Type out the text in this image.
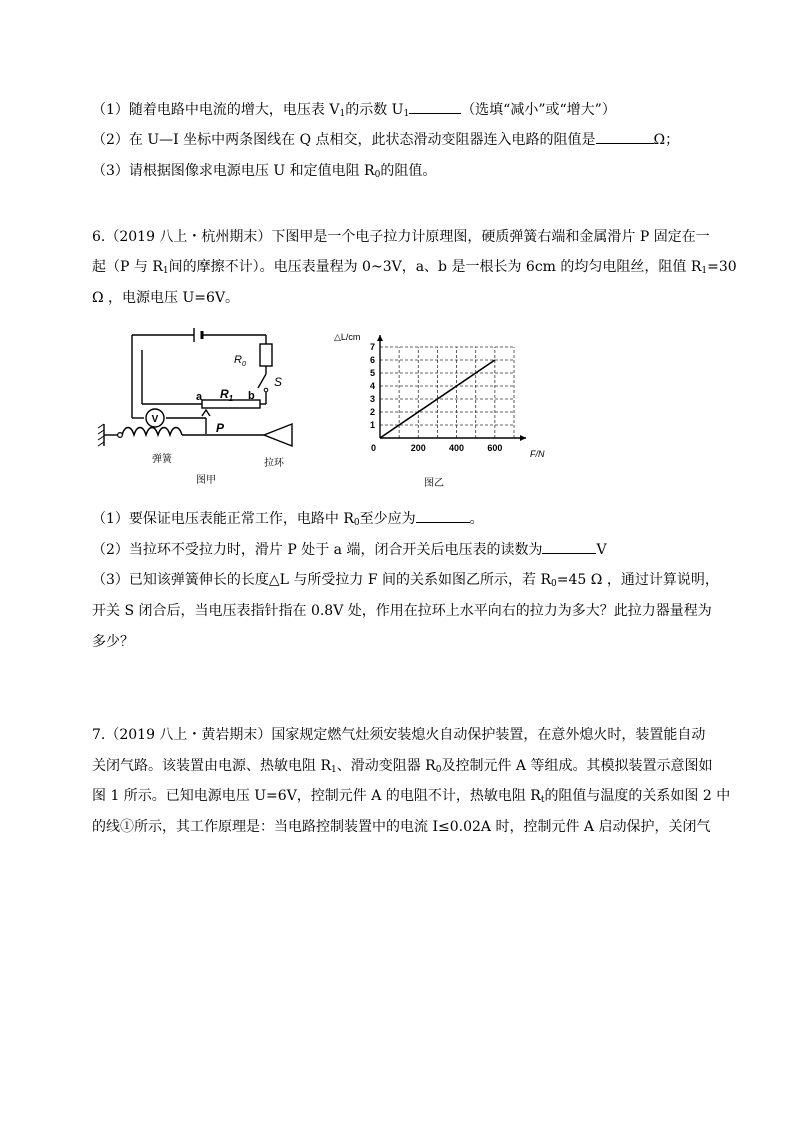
（1）随着电路中电流的增大，电压表 $V_1$的示数 $U_1$	（选填“减小”或“增大”）
（2）在 U—I 坐标中两条图线在 Q 点相交，此状态滑动变阻器连入电路的阻值是	Ω；
（3）请根据图像求电源电压 U 和定值电阻 $R_0$的阻值。
6.（2019 八上・杭州期末）下图甲是一个电子拉力计原理图，硬质弹簧右端和金属滑片 P 固定在一
起（P 与 $R_1$间的摩擦不计）。电压表量程为 0~3V，a、b 是一根长为 6cm 的均匀电阻丝，阻值 $R_1=30$
Ω ，电源电压 U=6V。
V
$R_0$
S
a $R_1$ b
P
弹簧	拉环
图甲
200	400	600
1
2
3
4
5
6
7
△L/cm
F/N
0
图乙
（1）要保证电压表能正常工作，电路中 $R_0$至少应为	。
（2）当拉环不受拉力时，滑片 P 处于 a 端，闭合开关后电压表的读数为	V
（3）已知该弹簧伸长的长度△L 与所受拉力 F 间的关系如图乙所示，若 $R_0=45$ Ω ，通过计算说明，
开关 S 闭合后，当电压表指针指在 0.8V 处，作用在拉环上水平向右的拉力为多大？此拉力器量程为
多少？
7.（2019 八上・黄岩期末）国家规定燃气灶须安装熄火自动保护装置，在意外熄火时，装置能自动
关闭气路。该装置由电源、热敏电阻 $R_1$、滑动变阻器 $R_0$及控制元件 A 等组成。其模拟装置示意图如
图 1 所示。已知电源电压 U=6V，控制元件 A 的电阻不计，热敏电阻 $R_t$的阻值与温度的关系如图 2 中
的线①所示，其工作原理是：当电路控制装置中的电流 I≤0.02A 时，控制元件 A 启动保护，关闭气
